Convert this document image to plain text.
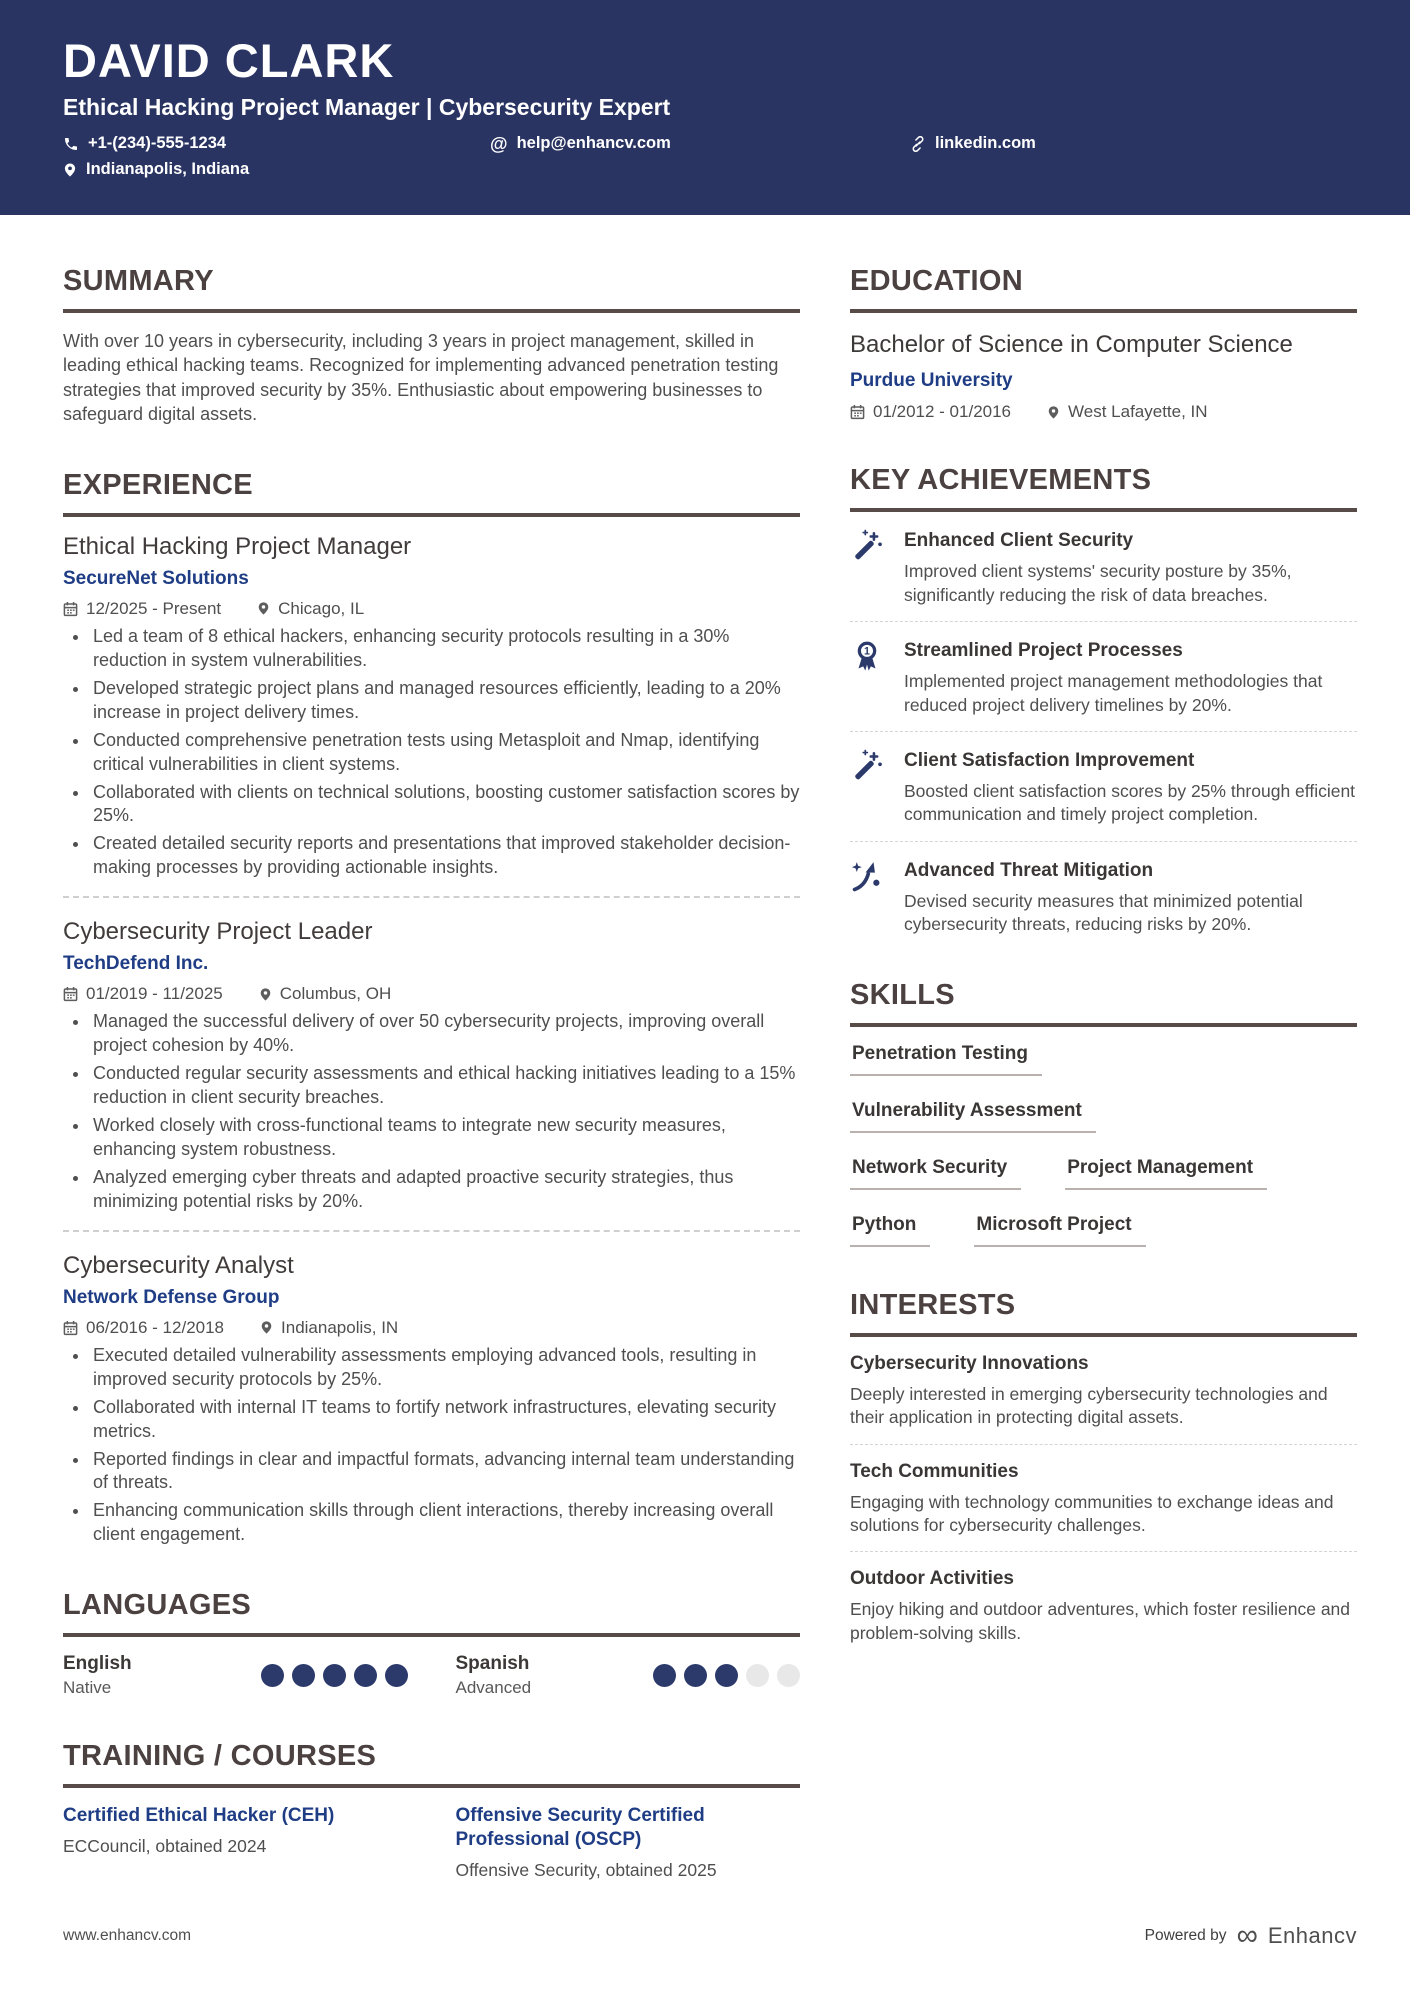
DAVID CLARK
Ethical Hacking Project Manager | Cybersecurity Expert
+1-(234)-555-1234	@ help@enhancv.com	linkedin.com
Indianapolis, Indiana
SUMMARY

With over 10 years in cybersecurity, including 3 years in project management, skilled in leading ethical hacking teams. Recognized for implementing advanced penetration testing strategies that improved security by 35%. Enthusiastic about empowering businesses to safeguard digital assets.

EXPERIENCE
Ethical Hacking Project Manager
SecureNet Solutions
12/2025 - Present	Chicago, IL
• Led a team of 8 ethical hackers, enhancing security protocols resulting in a 30% reduction in system vulnerabilities.
• Developed strategic project plans and managed resources efficiently, leading to a 20% increase in project delivery times.
• Conducted comprehensive penetration tests using Metasploit and Nmap, identifying critical vulnerabilities in client systems.
• Collaborated with clients on technical solutions, boosting customer satisfaction scores by 25%.
• Created detailed security reports and presentations that improved stakeholder decision-making processes by providing actionable insights.
Cybersecurity Project Leader
TechDefend Inc.
01/2019 - 11/2025	Columbus, OH
• Managed the successful delivery of over 50 cybersecurity projects, improving overall project cohesion by 40%.
• Conducted regular security assessments and ethical hacking initiatives leading to a 15% reduction in client security breaches.
• Worked closely with cross-functional teams to integrate new security measures, enhancing system robustness.
• Analyzed emerging cyber threats and adapted proactive security strategies, thus minimizing potential risks by 20%.
Cybersecurity Analyst
Network Defense Group
06/2016 - 12/2018	Indianapolis, IN
• Executed detailed vulnerability assessments employing advanced tools, resulting in improved security protocols by 25%.
• Collaborated with internal IT teams to fortify network infrastructures, elevating security metrics.
• Reported findings in clear and impactful formats, advancing internal team understanding of threats.
• Enhancing communication skills through client interactions, thereby increasing overall client engagement.
LANGUAGES
English
Native
Spanish
Advanced
TRAINING / COURSES
Certified Ethical Hacker (CEH)
ECCouncil, obtained 2024
Offensive Security Certified Professional (OSCP)
Offensive Security, obtained 2025
EDUCATION
Bachelor of Science in Computer Science
Purdue University
01/2012 - 01/2016	West Lafayette, IN
KEY ACHIEVEMENTS
Enhanced Client Security
Improved client systems' security posture by 35%, significantly reducing the risk of data breaches.
1 Streamlined Project Processes
Implemented project management methodologies that reduced project delivery timelines by 20%.
Client Satisfaction Improvement
Boosted client satisfaction scores by 25% through efficient communication and timely project completion.
Advanced Threat Mitigation
Devised security measures that minimized potential cybersecurity threats, reducing risks by 20%.
SKILLS
Penetration Testing
Vulnerability Assessment
Network Security	Project Management
Python	Microsoft Project
INTERESTS
Cybersecurity Innovations
Deeply interested in emerging cybersecurity technologies and their application in protecting digital assets.
Tech Communities
Engaging with technology communities to exchange ideas and solutions for cybersecurity challenges.
Outdoor Activities
Enjoy hiking and outdoor adventures, which foster resilience and problem-solving skills.
www.enhancv.com	Powered by ∞ Enhancv
